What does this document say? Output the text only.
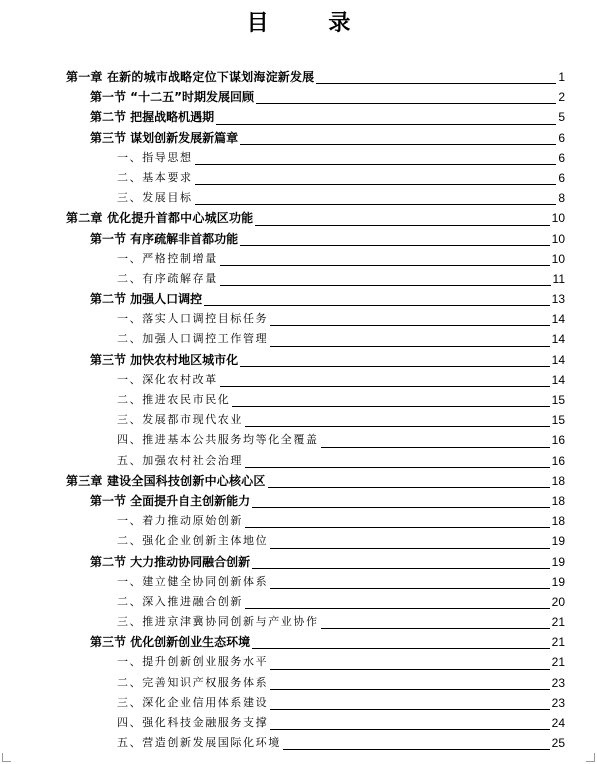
目 录
第一章 在新的城市战略定位下谋划海淀新发展	1
第一节 “十二五”时期发展回顾	2
第二节 把握战略机遇期	5
第三节 谋划创新发展新篇章	6
一、指导思想	6
二、基本要求	6
三、发展目标	8
第二章 优化提升首都中心城区功能	10
第一节 有序疏解非首都功能	10
一、严格控制增量	10
二、有序疏解存量	11
第二节 加强人口调控	13
一、落实人口调控目标任务	14
二、加强人口调控工作管理	14
第三节 加快农村地区城市化	14
一、深化农村改革	14
二、推进农民市民化	15
三、发展都市现代农业	15
四、推进基本公共服务均等化全覆盖	16
五、加强农村社会治理	16
第三章 建设全国科技创新中心核心区	18
第一节 全面提升自主创新能力	18
一、着力推动原始创新	18
二、强化企业创新主体地位	19
第二节 大力推动协同融合创新	19
一、建立健全协同创新体系	19
二、深入推进融合创新	20
三、推进京津冀协同创新与产业协作	21
第三节 优化创新创业生态环境	21
一、提升创新创业服务水平	21
二、完善知识产权服务体系	23
三、深化企业信用体系建设	23
四、强化科技金融服务支撑	24
五、营造创新发展国际化环境	25
